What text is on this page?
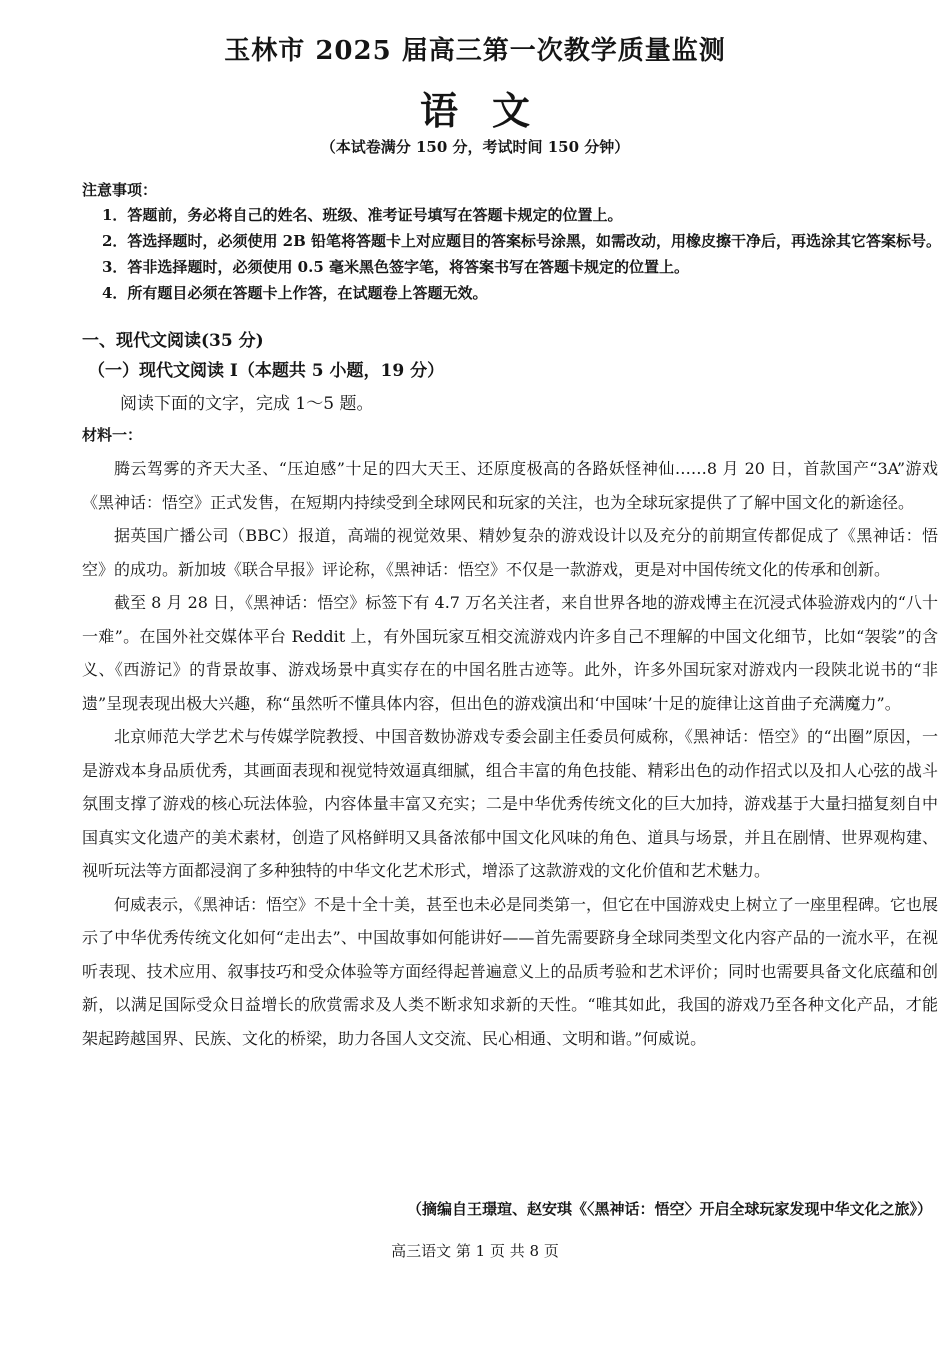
玉林市 2025 届高三第一次教学质量监测
语文
（本试卷满分 150 分，考试时间 150 分钟）
注意事项：
1．答题前，务必将自己的姓名、班级、准考证号填写在答题卡规定的位置上。
2．答选择题时，必须使用 2B 铅笔将答题卡上对应题目的答案标号涂黑，如需改动，用橡皮擦干净后，再选涂其它答案标号。
3．答非选择题时，必须使用 0.5 毫米黑色签字笔，将答案书写在答题卡规定的位置上。
4．所有题目必须在答题卡上作答，在试题卷上答题无效。
一、现代文阅读(35 分)
（一）现代文阅读 I（本题共 5 小题，19 分）
阅读下面的文字，完成 1～5 题。
材料一：

腾云驾雾的齐天大圣、“压迫感”十足的四大天王、还原度极高的各路妖怪神仙……8 月 20 日，首款国产“3A”游戏《黑神话：悟空》正式发售，在短期内持续受到全球网民和玩家的关注，也为全球玩家提供了了解中国文化的新途径。

据英国广播公司（BBC）报道，高端的视觉效果、精妙复杂的游戏设计以及充分的前期宣传都促成了《黑神话：悟空》的成功。新加坡《联合早报》评论称，《黑神话：悟空》不仅是一款游戏，更是对中国传统文化的传承和创新。

截至 8 月 28 日，《黑神话：悟空》标签下有 4.7 万名关注者，来自世界各地的游戏博主在沉浸式体验游戏内的“八十一难”。在国外社交媒体平台 Reddit 上，有外国玩家互相交流游戏内许多自己不理解的中国文化细节，比如“袈裟”的含义、《西游记》的背景故事、游戏场景中真实存在的中国名胜古迹等。此外，许多外国玩家对游戏内一段陕北说书的“非遗”呈现表现出极大兴趣，称“虽然听不懂具体内容，但出色的游戏演出和‘中国味’十足的旋律让这首曲子充满魔力”。

北京师范大学艺术与传媒学院教授、中国音数协游戏专委会副主任委员何威称，《黑神话：悟空》的“出圈”原因，一是游戏本身品质优秀，其画面表现和视觉特效逼真细腻，组合丰富的角色技能、精彩出色的动作招式以及扣人心弦的战斗氛围支撑了游戏的核心玩法体验，内容体量丰富又充实；二是中华优秀传统文化的巨大加持，游戏基于大量扫描复刻自中国真实文化遗产的美术素材，创造了风格鲜明又具备浓郁中国文化风味的角色、道具与场景，并且在剧情、世界观构建、视听玩法等方面都浸润了多种独特的中华文化艺术形式，增添了这款游戏的文化价值和艺术魅力。

何威表示，《黑神话：悟空》不是十全十美，甚至也未必是同类第一，但它在中国游戏史上树立了一座里程碑。它也展示了中华优秀传统文化如何“走出去”、中国故事如何能讲好——首先需要跻身全球同类型文化内容产品的一流水平，在视听表现、技术应用、叙事技巧和受众体验等方面经得起普遍意义上的品质考验和艺术评价；同时也需要具备文化底蕴和创新，以满足国际受众日益增长的欣赏需求及人类不断求知求新的天性。“唯其如此，我国的游戏乃至各种文化产品，才能架起跨越国界、民族、文化的桥梁，助力各国人文交流、民心相通、文明和谐。”何威说。

（摘编自王璟瑄、赵安琪《〈黑神话：悟空〉开启全球玩家发现中华文化之旅》）
高三语文 第 1 页 共 8 页
